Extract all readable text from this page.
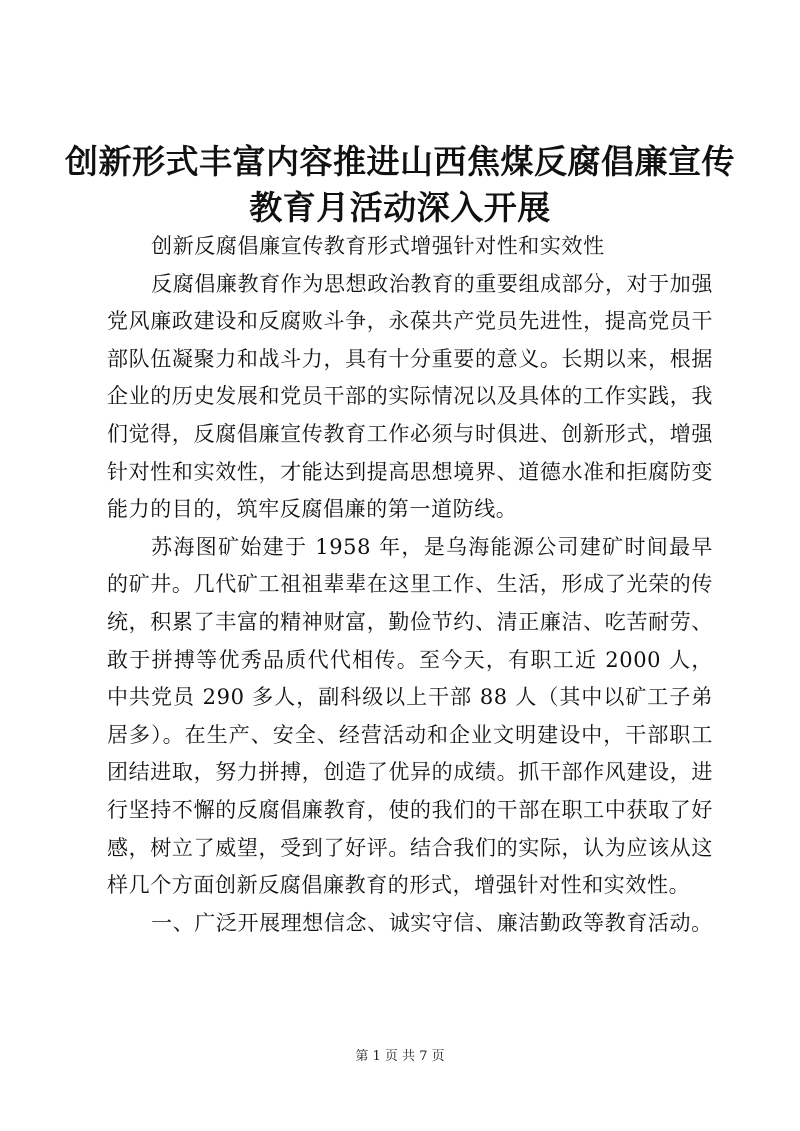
创新形式丰富内容推进山西焦煤反腐倡廉宣传
教育月活动深入开展

创新反腐倡廉宣传教育形式增强针对性和实效性

反腐倡廉教育作为思想政治教育的重要组成部分，对于加强党风廉政建设和反腐败斗争，永葆共产党员先进性，提高党员干部队伍凝聚力和战斗力，具有十分重要的意义。长期以来，根据企业的历史发展和党员干部的实际情况以及具体的工作实践，我们觉得，反腐倡廉宣传教育工作必须与时俱进、创新形式，增强针对性和实效性，才能达到提高思想境界、道德水准和拒腐防变能力的目的，筑牢反腐倡廉的第一道防线。

苏海图矿始建于 1958 年，是乌海能源公司建矿时间最早的矿井。几代矿工祖祖辈辈在这里工作、生活，形成了光荣的传统，积累了丰富的精神财富，勤俭节约、清正廉洁、吃苦耐劳、敢于拼搏等优秀品质代代相传。至今天，有职工近 2000 人，中共党员 290 多人，副科级以上干部 88 人（其中以矿工子弟居多）。在生产、安全、经营活动和企业文明建设中，干部职工团结进取，努力拼搏，创造了优异的成绩。抓干部作风建设，进行坚持不懈的反腐倡廉教育，使的我们的干部在职工中获取了好感，树立了威望，受到了好评。结合我们的实际，认为应该从这样几个方面创新反腐倡廉教育的形式，增强针对性和实效性。

一、广泛开展理想信念、诚实守信、廉洁勤政等教育活动。

第 1 页 共 7 页
